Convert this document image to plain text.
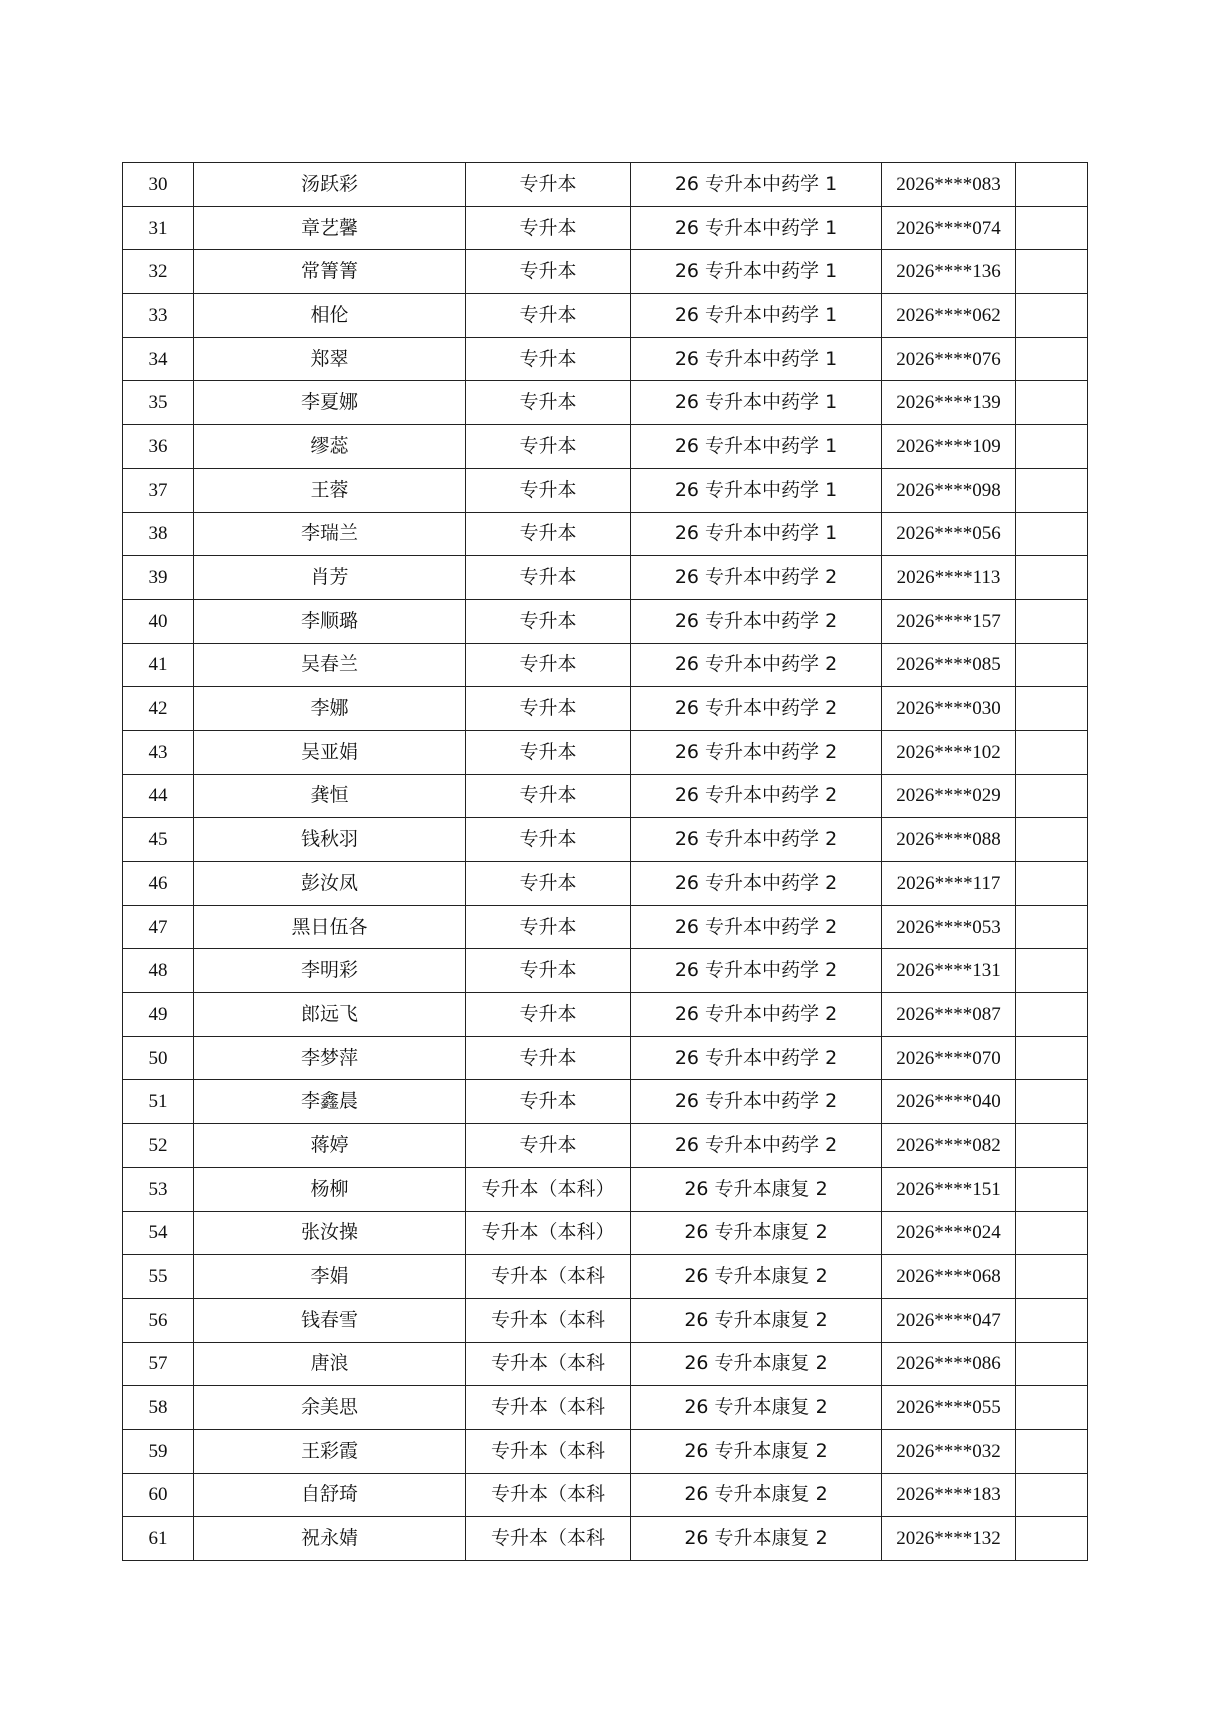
30	汤跃彩	专升本	26 专升本中药学 1	2026****083	
31	章艺馨	专升本	26 专升本中药学 1	2026****074	
32	常箐箐	专升本	26 专升本中药学 1	2026****136	
33	相伦	专升本	26 专升本中药学 1	2026****062	
34	郑翠	专升本	26 专升本中药学 1	2026****076	
35	李夏娜	专升本	26 专升本中药学 1	2026****139	
36	缪蕊	专升本	26 专升本中药学 1	2026****109	
37	王蓉	专升本	26 专升本中药学 1	2026****098	
38	李瑞兰	专升本	26 专升本中药学 1	2026****056	
39	肖芳	专升本	26 专升本中药学 2	2026****113	
40	李顺璐	专升本	26 专升本中药学 2	2026****157	
41	吴春兰	专升本	26 专升本中药学 2	2026****085	
42	李娜	专升本	26 专升本中药学 2	2026****030	
43	吴亚娟	专升本	26 专升本中药学 2	2026****102	
44	龚恒	专升本	26 专升本中药学 2	2026****029	
45	钱秋羽	专升本	26 专升本中药学 2	2026****088	
46	彭汝凤	专升本	26 专升本中药学 2	2026****117	
47	黑日伍各	专升本	26 专升本中药学 2	2026****053	
48	李明彩	专升本	26 专升本中药学 2	2026****131	
49	郎远飞	专升本	26 专升本中药学 2	2026****087	
50	李梦萍	专升本	26 专升本中药学 2	2026****070	
51	李鑫晨	专升本	26 专升本中药学 2	2026****040	
52	蒋婷	专升本	26 专升本中药学 2	2026****082	
53	杨柳	专升本（本科）	26 专升本康复 2	2026****151	
54	张汝操	专升本（本科）	26 专升本康复 2	2026****024	
55	李娟	专升本（本科	26 专升本康复 2	2026****068	
56	钱春雪	专升本（本科	26 专升本康复 2	2026****047	
57	唐浪	专升本（本科	26 专升本康复 2	2026****086	
58	余美思	专升本（本科	26 专升本康复 2	2026****055	
59	王彩霞	专升本（本科	26 专升本康复 2	2026****032	
60	自舒琦	专升本（本科	26 专升本康复 2	2026****183	
61	祝永婧	专升本（本科	26 专升本康复 2	2026****132	
